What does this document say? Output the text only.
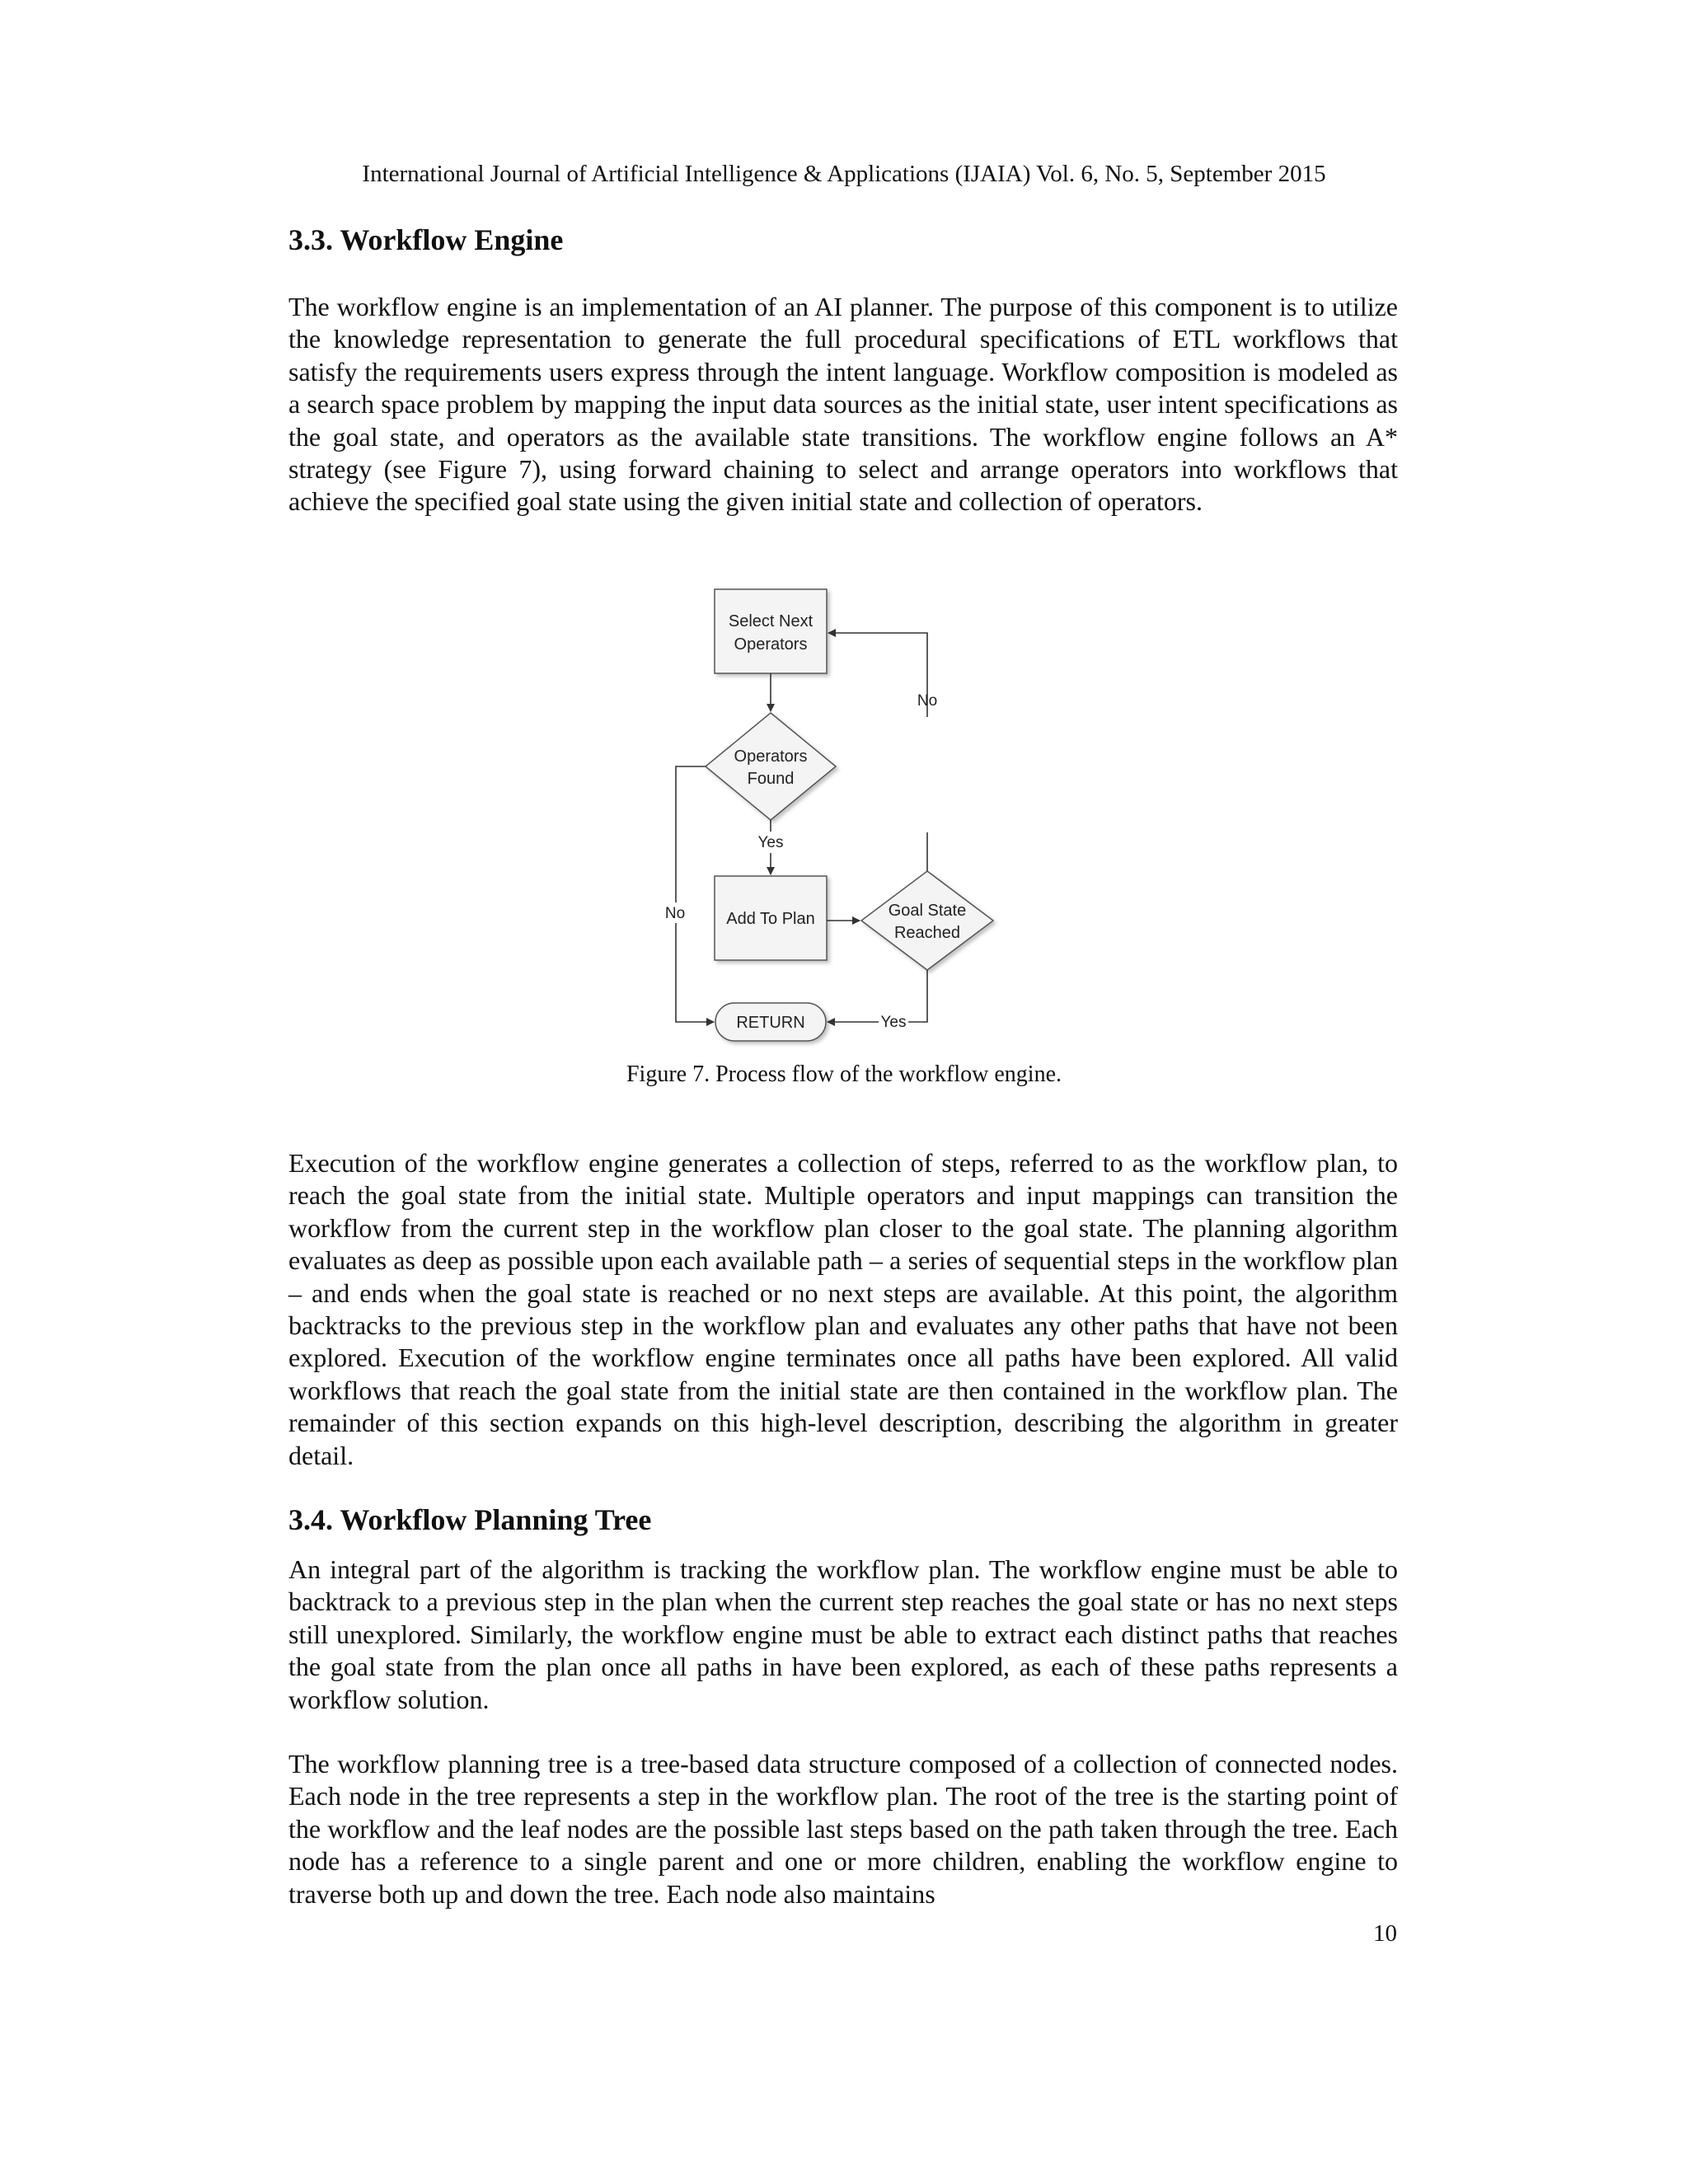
International Journal of Artificial Intelligence & Applications (IJAIA) Vol. 6, No. 5, September 2015
3.3. Workflow Engine
The workflow engine is an implementation of an AI planner. The purpose of this component is to utilize the knowledge representation to generate the full procedural specifications of ETL workflows that satisfy the requirements users express through the intent language. Workflow composition is modeled as a search space problem by mapping the input data sources as the initial state, user intent specifications as the goal state, and operators as the available state transitions. The workflow engine follows an A* strategy (see Figure 7), using forward chaining to select and arrange operators into workflows that achieve the specified goal state using the given initial state and collection of operators.
Select Next
Operators
Operators
Found
Add To Plan	Goal State
Reached
RETURN
No
Yes
No
Yes
Figure 7. Process flow of the workflow engine.
Execution of the workflow engine generates a collection of steps, referred to as the workflow plan, to reach the goal state from the initial state. Multiple operators and input mappings can transition the workflow from the current step in the workflow plan closer to the goal state. The planning algorithm evaluates as deep as possible upon each available path – a series of sequential steps in the workflow plan – and ends when the goal state is reached or no next steps are available. At this point, the algorithm backtracks to the previous step in the workflow plan and evaluates any other paths that have not been explored. Execution of the workflow engine terminates once all paths have been explored. All valid workflows that reach the goal state from the initial state are then contained in the workflow plan. The remainder of this section expands on this high-level description, describing the algorithm in greater detail.
3.4. Workflow Planning Tree
An integral part of the algorithm is tracking the workflow plan. The workflow engine must be able to backtrack to a previous step in the plan when the current step reaches the goal state or has no next steps still unexplored. Similarly, the workflow engine must be able to extract each distinct paths that reaches the goal state from the plan once all paths in have been explored, as each of these paths represents a workflow solution.
The workflow planning tree is a tree-based data structure composed of a collection of connected nodes. Each node in the tree represents a step in the workflow plan. The root of the tree is the starting point of the workflow and the leaf nodes are the possible last steps based on the path taken through the tree. Each node has a reference to a single parent and one or more children, enabling the workflow engine to traverse both up and down the tree. Each node also maintains
10
